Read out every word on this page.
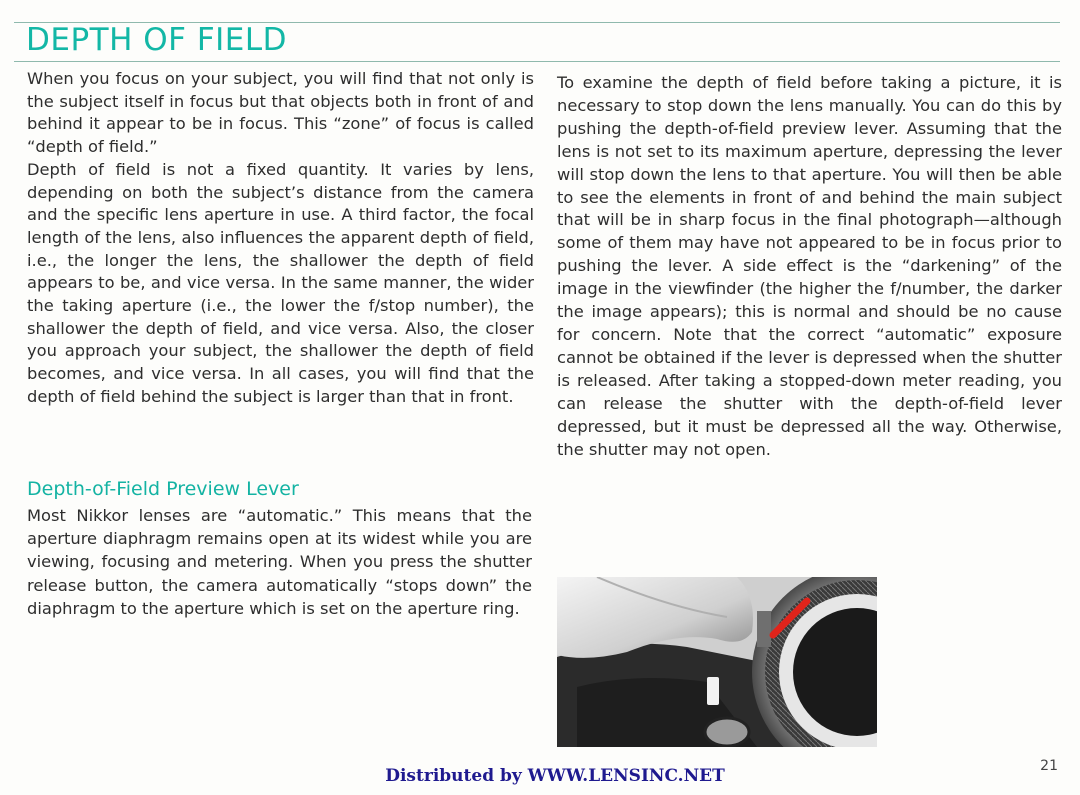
DEPTH OF FIELD

When you focus on your subject, you will find that not only is the subject itself in focus but that objects both in front of and behind it appear to be in focus. This “zone” of focus is called “depth of field.”

Depth of field is not a fixed quantity. It varies by lens, depending on both the subject’s distance from the camera and the specific lens aperture in use. A third factor, the focal length of the lens, also influences the apparent depth of field, i.e., the longer the lens, the shallower the depth of field appears to be, and vice versa. In the same manner, the wider the taking aperture (i.e., the lower the f/stop number), the shallower the depth of field, and vice versa. Also, the closer you approach your subject, the shallower the depth of field becomes, and vice versa. In all cases, you will find that the depth of field behind the subject is larger than that in front.

Depth-of-Field Preview Lever

Most Nikkor lenses are “automatic.” This means that the aperture diaphragm remains open at its widest while you are viewing, focusing and metering. When you press the shutter release button, the camera automatically “stops down” the diaphragm to the aperture which is set on the aperture ring.

To examine the depth of field before taking a picture, it is necessary to stop down the lens manually. You can do this by pushing the depth-of-field preview lever. Assuming that the lens is not set to its maximum aperture, depressing the lever will stop down the lens to that aperture. You will then be able to see the elements in front of and behind the main subject that will be in sharp focus in the final photograph—although some of them may have not appeared to be in focus prior to pushing the lever. A side effect is the “darkening” of the image in the viewfinder (the higher the f/number, the darker the image appears); this is normal and should be no cause for concern. Note that the correct “automatic” exposure cannot be obtained if the lever is depressed when the shutter is released. After taking a stopped-down meter reading, you can release the shutter with the depth-of-field lever depressed, but it must be depressed all the way. Otherwise, the shutter may not open.

Distributed by WWW.LENSINC.NET	21
